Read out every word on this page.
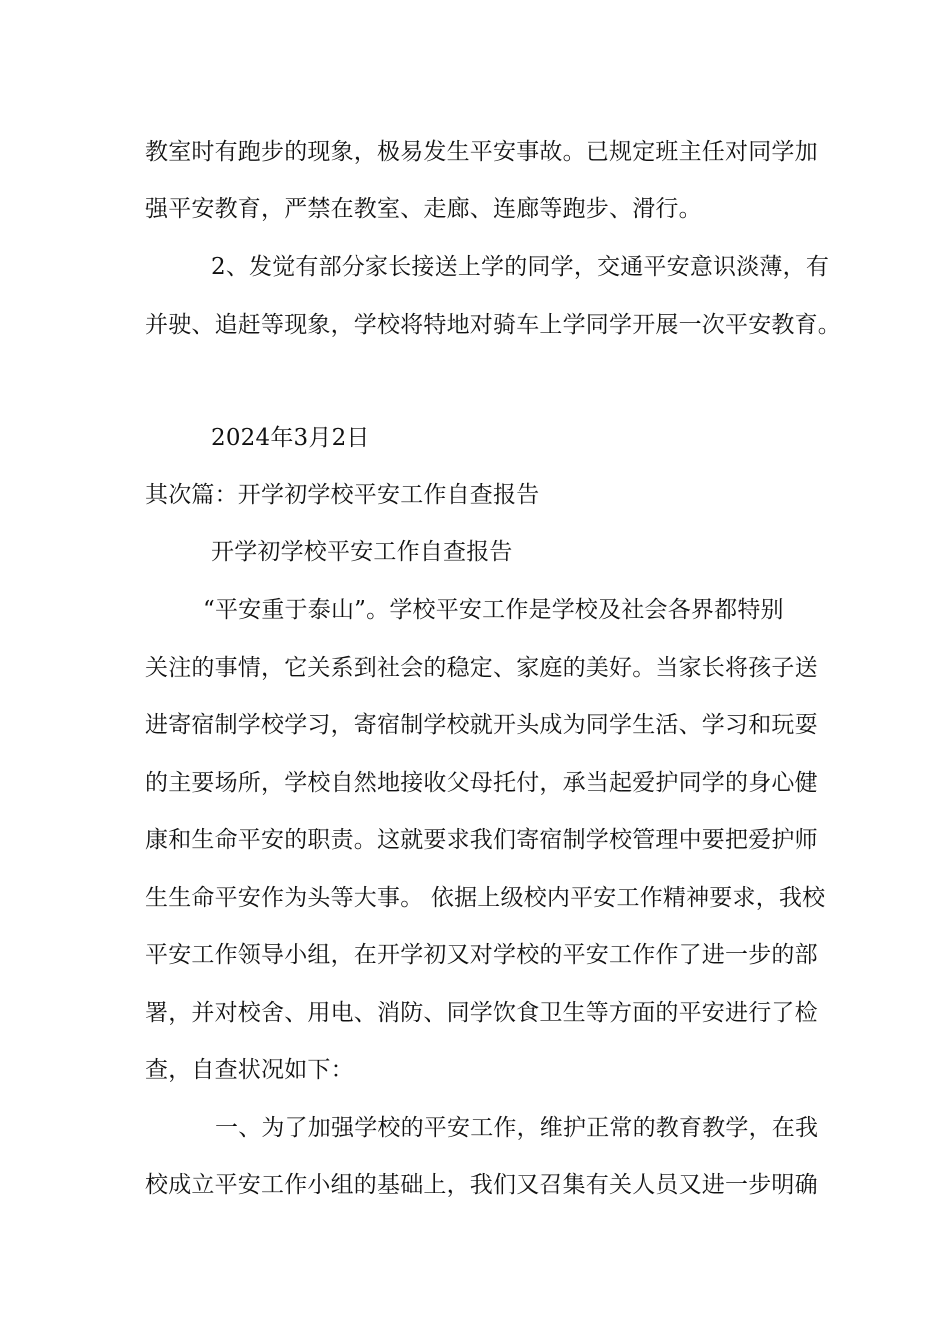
教室时有跑步的现象，极易发生平安事故。已规定班主任对同学加
强平安教育，严禁在教室、走廊、连廊等跑步、滑行。
2、发觉有部分家长接送上学的同学，交通平安意识淡薄，有
并驶、追赶等现象，学校将特地对骑车上学同学开展一次平安教育。
2024年3月2日
其次篇：开学初学校平安工作自查报告
开学初学校平安工作自查报告
“平安重于泰山”。学校平安工作是学校及社会各界都特别
关注的事情，它关系到社会的稳定、家庭的美好。当家长将孩子送
进寄宿制学校学习，寄宿制学校就开头成为同学生活、学习和玩耍
的主要场所，学校自然地接收父母托付，承当起爱护同学的身心健
康和生命平安的职责。这就要求我们寄宿制学校管理中要把爱护师
生生命平安作为头等大事。 依据上级校内平安工作精神要求，我校
平安工作领导小组，在开学初又对学校的平安工作作了进一步的部
署，并对校舍、用电、消防、同学饮食卫生等方面的平安进行了检
查，自查状况如下：
一、为了加强学校的平安工作，维护正常的教育教学，在我
校成立平安工作小组的基础上，我们又召集有关人员又进一步明确
